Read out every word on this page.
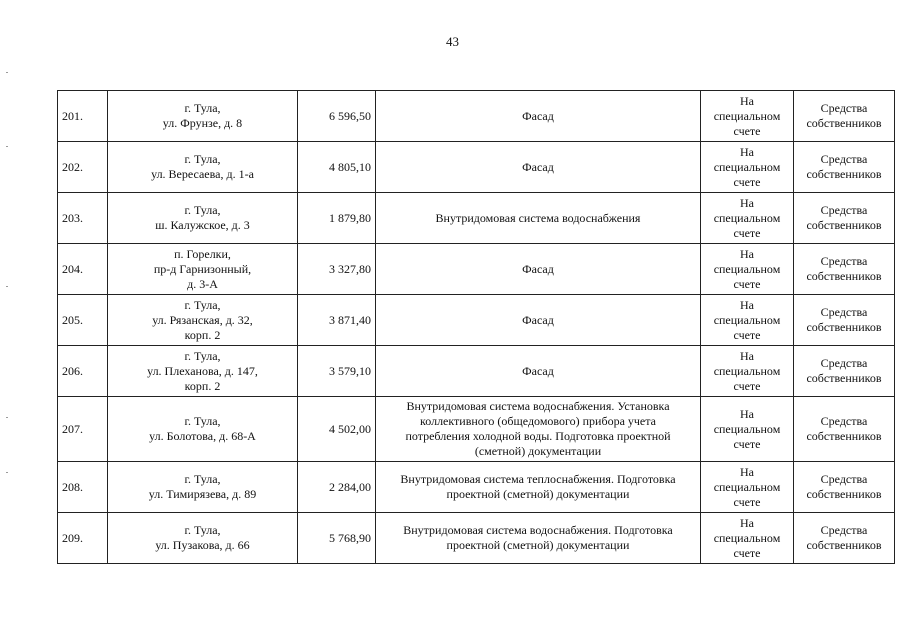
43
201.	г. Тула,
ул. Фрунзе, д. 8	6 596,50	Фасад	На
специальном
счете	Средства
собственников

202.	г. Тула,
ул. Вересаева, д. 1-а	4 805,10	Фасад	На
специальном
счете	Средства
собственников

203.	г. Тула,
ш. Калужское, д. 3	1 879,80	Внутридомовая система водоснабжения	На
специальном
счете	Средства
собственников

204.	п. Горелки,
пр-д Гарнизонный,
д. 3-А	3 327,80	Фасад	На
специальном
счете	Средства
собственников

205.	г. Тула,
ул. Рязанская, д. 32,
корп. 2	3 871,40	Фасад	На
специальном
счете	Средства
собственников

206.	г. Тула,
ул. Плеханова, д. 147,
корп. 2	3 579,10	Фасад	На
специальном
счете	Средства
собственников

207.	г. Тула,
ул. Болотова, д. 68-А	4 502,00	Внутридомовая система водоснабжения. Установка
коллективного (общедомового) прибора учета
потребления холодной воды. Подготовка проектной
(сметной) документации	На
специальном
счете	Средства
собственников

208.	г. Тула,
ул. Тимирязева, д. 89	2 284,00	Внутридомовая система теплоснабжения. Подготовка
проектной (сметной) документации	На
специальном
счете	Средства
собственников

209.	г. Тула,
ул. Пузакова, д. 66	5 768,90	Внутридомовая система водоснабжения. Подготовка
проектной (сметной) документации	На
специальном
счете	Средства
собственников
